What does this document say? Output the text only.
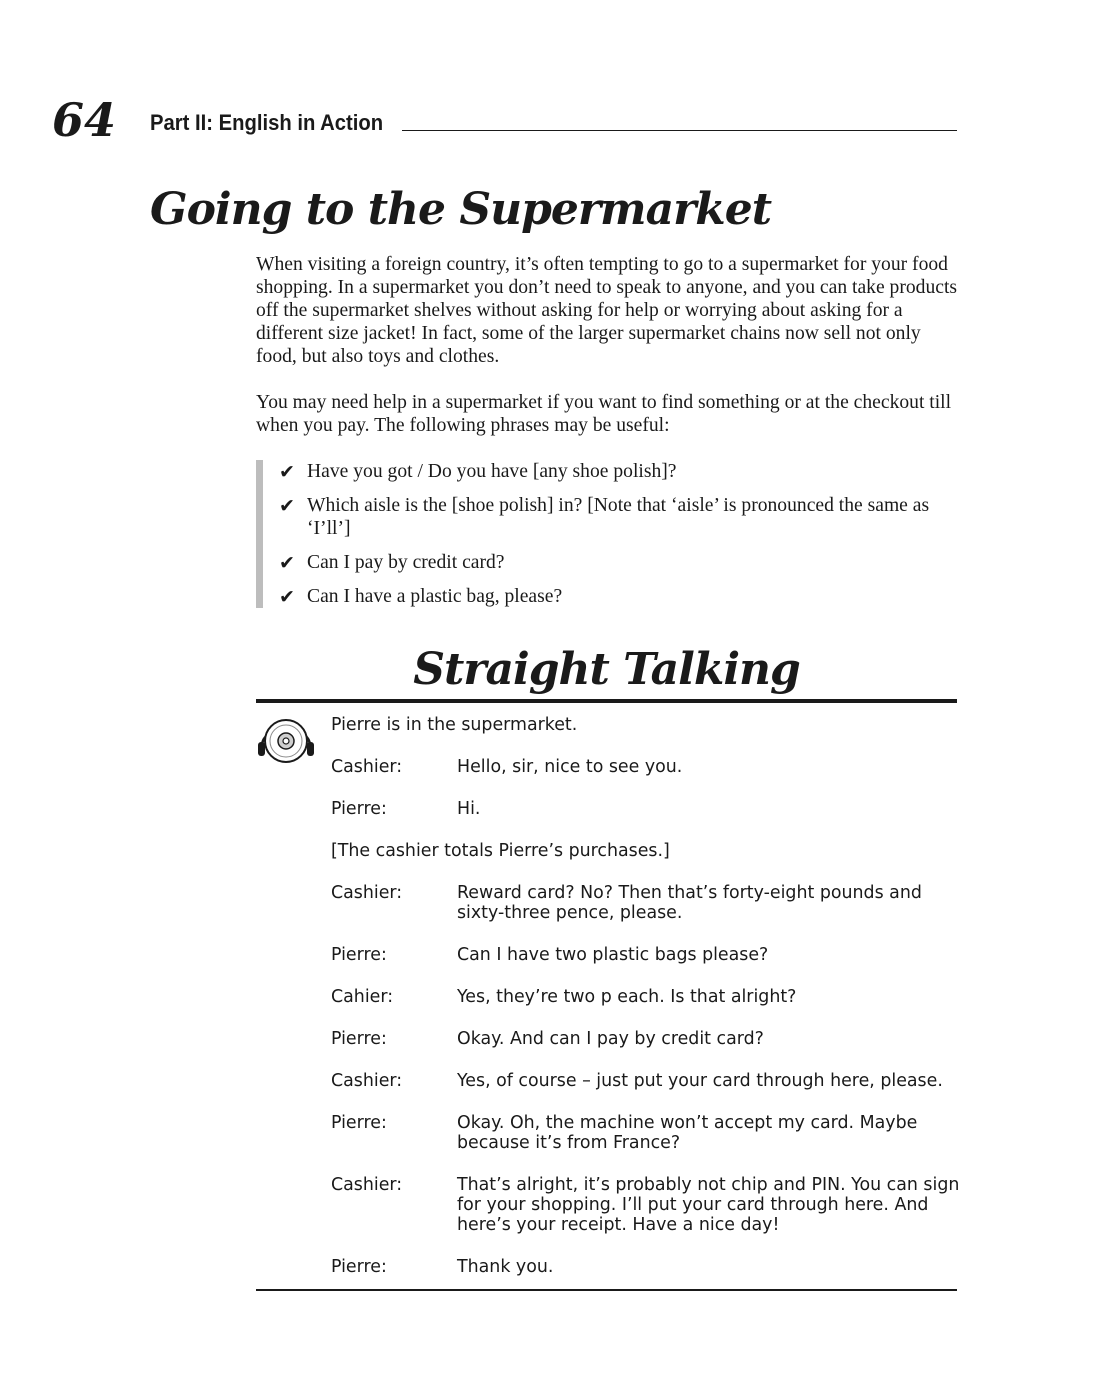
64 Part II: English in Action
Going to the Supermarket

When visiting a foreign country, it’s often tempting to go to a supermarket for your food shopping. In a supermarket you don’t need to speak to anyone, and you can take products off the supermarket shelves without asking for help or worrying about asking for a different size jacket! In fact, some of the larger supermarket chains now sell not only food, but also toys and clothes.

You may need help in a supermarket if you want to find something or at the checkout till when you pay. The following phrases may be useful:

✔ Have you got / Do you have [any shoe polish]?
✔ Which aisle is the [shoe polish] in? [Note that ‘aisle’ is pronounced the same as ‘I’ll’]
✔ Can I pay by credit card?
✔ Can I have a plastic bag, please?
Straight Talking
Pierre is in the supermarket.
Cashier:	Hello, sir, nice to see you.
Pierre:	Hi.
[The cashier totals Pierre’s purchases.]
Cashier:	Reward card? No? Then that’s forty-eight pounds and sixty-three pence, please.
Pierre:	Can I have two plastic bags please?
Cahier:	Yes, they’re two p each. Is that alright?
Pierre:	Okay. And can I pay by credit card?
Cashier:	Yes, of course – just put your card through here, please.
Pierre:	Okay. Oh, the machine won’t accept my card. Maybe because it’s from France?
Cashier:	That’s alright, it’s probably not chip and PIN. You can sign for your shopping. I’ll put your card through here. And here’s your receipt. Have a nice day!
Pierre:	Thank you.
